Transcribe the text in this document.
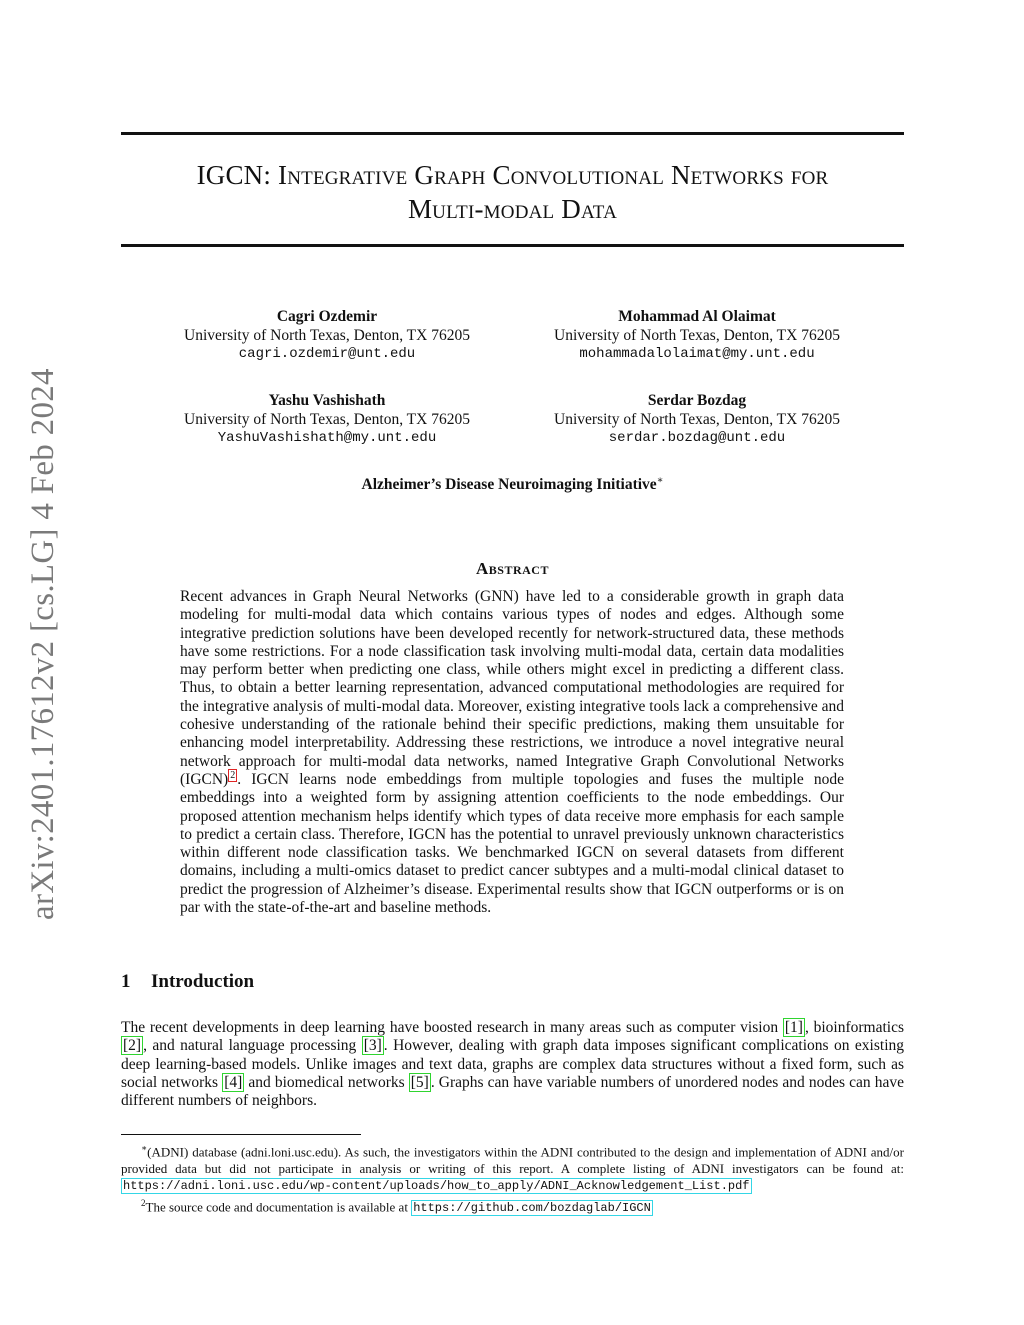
arXiv:2401.17612v2 [cs.LG] 4 Feb 2024
IGCN: Integrative Graph Convolutional Networks for
Multi-modal Data
Cagri Ozdemir
University of North Texas, Denton, TX 76205
cagri.ozdemir@unt.edu
Mohammad Al Olaimat
University of North Texas, Denton, TX 76205
mohammadalolaimat@my.unt.edu
Yashu Vashishath
University of North Texas, Denton, TX 76205
YashuVashishath@my.unt.edu
Serdar Bozdag
University of North Texas, Denton, TX 76205
serdar.bozdag@unt.edu
Alzheimer’s Disease Neuroimaging Initiative∗
Abstract
Recent advances in Graph Neural Networks (GNN) have led to a considerable growth in graph data modeling for multi-modal data which contains various types of nodes and edges. Although some integrative prediction solutions have been developed recently for network-structured data, these methods have some restrictions. For a node classification task involving multi-modal data, certain data modalities may perform better when predicting one class, while others might excel in predicting a different class. Thus, to obtain a better learning representation, advanced computational methodologies are required for the integrative analysis of multi-modal data. Moreover, existing integrative tools lack a comprehensive and cohesive understanding of the rationale behind their specific predictions, making them unsuitable for enhancing model interpretability. Addressing these restrictions, we introduce a novel integrative neural network approach for multi-modal data networks, named Integrative Graph Convolutional Networks (IGCN) $^2$ . IGCN learns node embeddings from multiple topologies and fuses the multiple node embeddings into a weighted form by assigning attention coefficients to the node embeddings. Our proposed attention mechanism helps identify which types of data receive more emphasis for each sample to predict a certain class. Therefore, IGCN has the potential to unravel previously unknown characteristics within different node classification tasks. We benchmarked IGCN on several datasets from different domains, including a multi-omics dataset to predict cancer subtypes and a multi-modal clinical dataset to predict the progression of Alzheimer’s disease. Experimental results show that IGCN outperforms or is on par with the state-of-the-art and baseline methods.
1 Introduction
The recent developments in deep learning have boosted research in many areas such as computer vision [1] , bioinformatics [2] , and natural language processing [3] . However, dealing with graph data imposes significant complications on existing deep learning-based models. Unlike images and text data, graphs are complex data structures without a fixed form, such as social networks [4] and biomedical networks [5] . Graphs can have variable numbers of unordered nodes and nodes can have different numbers of neighbors.

∗(ADNI) database (adni.loni.usc.edu). As such, the investigators within the ADNI contributed to the design and implementation of ADNI and/or provided data but did not participate in analysis or writing of this report. A complete listing of ADNI investigators can be found at: https://adni.loni.usc.edu/wp-content/uploads/how_to_apply/ADNI_Acknowledgement_List.pdf

$^2$The source code and documentation is available at https://github.com/bozdaglab/IGCN
